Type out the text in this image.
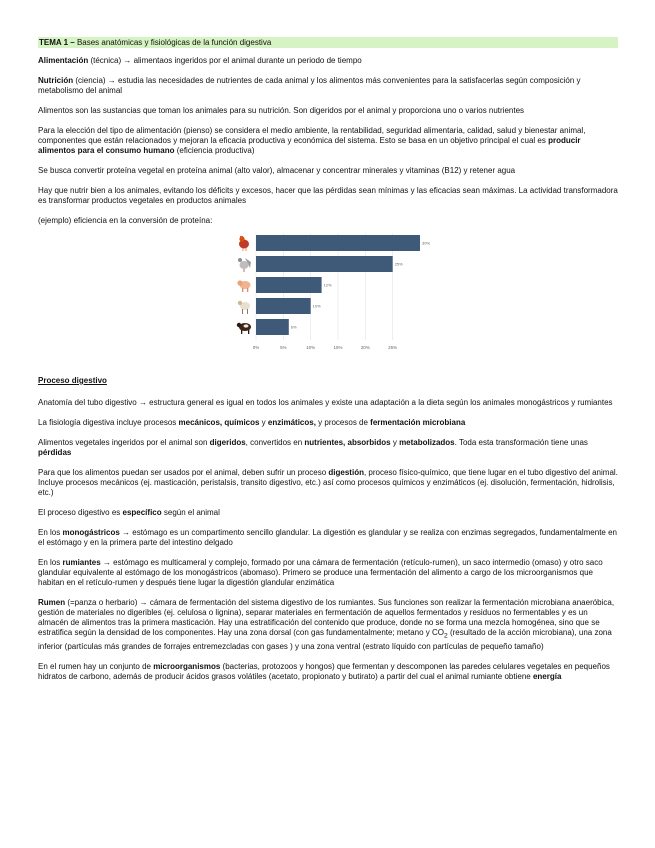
TEMA 1 – Bases anatómicas y fisiológicas de la función digestiva

Alimentación (técnica) → alimentaos ingeridos por el animal durante un periodo de tiempo

Nutrición (ciencia) → estudia las necesidades de nutrientes de cada animal y los alimentos más convenientes para la satisfacerlas según composición y metabolismo del animal

Alimentos son las sustancias que toman los animales para su nutrición. Son digeridos por el animal y proporciona uno o varios nutrientes

Para la elección del tipo de alimentación (pienso) se considera el medio ambiente, la rentabilidad, seguridad alimentaria, calidad, salud y bienestar animal, componentes que están relacionados y mejoran la eficacia productiva y económica del sistema. Esto se basa en un objetivo principal el cual es producir alimentos para el consumo humano (eficiencia productiva)

Se busca convertir proteína vegetal en proteína animal (alto valor), almacenar y concentrar minerales y vitaminas (B12) y retener agua

Hay que nutrir bien a los animales, evitando los déficits y excesos, hacer que las pérdidas sean mínimas y las eficacias sean máximas. La actividad transformadora es transformar productos vegetales en productos animales

(ejemplo) eficiencia en la conversión de proteína:

0%	5%	10%	15%	20%	25%
30%
25%
12%
10%
6%

Proceso digestivo

Anatomía del tubo digestivo → estructura general es igual en todos los animales y existe una adaptación a la dieta según los animales monogástricos y rumiantes

La fisiología digestiva incluye procesos mecánicos, químicos y enzimáticos, y procesos de fermentación microbiana

Alimentos vegetales ingeridos por el animal son digeridos, convertidos en nutrientes, absorbidos y metabolizados. Toda esta transformación tiene unas pérdidas

Para que los alimentos puedan ser usados por el animal, deben sufrir un proceso digestión, proceso físico-químico, que tiene lugar en el tubo digestivo del animal. Incluye procesos mecánicos (ej. masticación, peristalsis, transito digestivo, etc.) así como procesos químicos y enzimáticos (ej. disolución, fermentación, hidrolisis, etc.)

El proceso digestivo es específico según el animal

En los monogástricos → estómago es un compartimento sencillo glandular. La digestión es glandular y se realiza con enzimas segregados, fundamentalmente en el estómago y en la primera parte del intestino delgado

En los rumiantes → estómago es multicameral y complejo, formado por una cámara de fermentación (retículo-rumen), un saco intermedio (omaso) y otro saco glandular equivalente al estómago de los monogástricos (abomaso). Primero se produce una fermentación del alimento a cargo de los microorganismos que habitan en el retículo-rumen y después tiene lugar la digestión glandular enzimática

Rumen (=panza o herbario) → cámara de fermentación del sistema digestivo de los rumiantes. Sus funciones son realizar la fermentación microbiana anaeróbica, gestión de materiales no digeribles (ej. celulosa o lignina), separar materiales en fermentación de aquellos fermentados y residuos no fermentables y es un almacén de alimentos tras la primera masticación. Hay una estratificación del contenido que produce, donde no se forma una mezcla homogénea, sino que se estratifica según la densidad de los componentes. Hay una zona dorsal (con gas fundamentalmente; metano y $CO_2$ (resultado de la acción microbiana), una zona inferior (partículas más grandes de forrajes entremezcladas con gases ) y una zona ventral (estrato líquido con partículas de pequeño tamaño)

En el rumen hay un conjunto de microorganismos (bacterias, protozoos y hongos) que fermentan y descomponen las paredes celulares vegetales en pequeños hidratos de carbono, además de producir ácidos grasos volátiles (acetato, propionato y butirato) a partir del cual el animal rumiante obtiene energía
